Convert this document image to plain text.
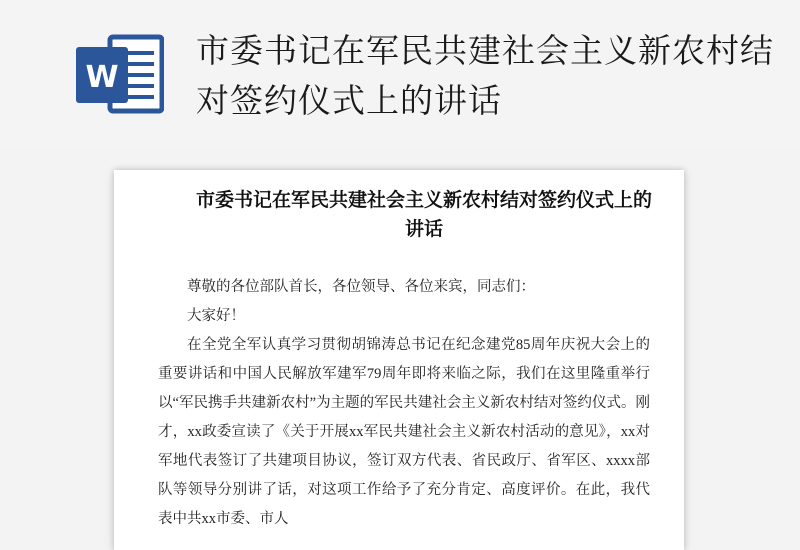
W
市委书记在军民共建社会主义新农村结对签约仪式上的讲话
市委书记在军民共建社会主义新农村结对签约仪式上的讲话

尊敬的各位部队首长，各位领导、各位来宾，同志们：

大家好！

在全党全军认真学习贯彻胡锦涛总书记在纪念建党85周年庆祝大会上的重要讲话和中国人民解放军建军79周年即将来临之际，我们在这里隆重举行以“军民携手共建新农村”为主题的军民共建社会主义新农村结对签约仪式。刚才，xx政委宣读了《关于开展xx军民共建社会主义新农村活动的意见》，xx对军地代表签订了共建项目协议，签订双方代表、省民政厅、省军区、xxxx部队等领导分别讲了话，对这项工作给予了充分肯定、高度评价。在此，我代表中共xx市委、市人
